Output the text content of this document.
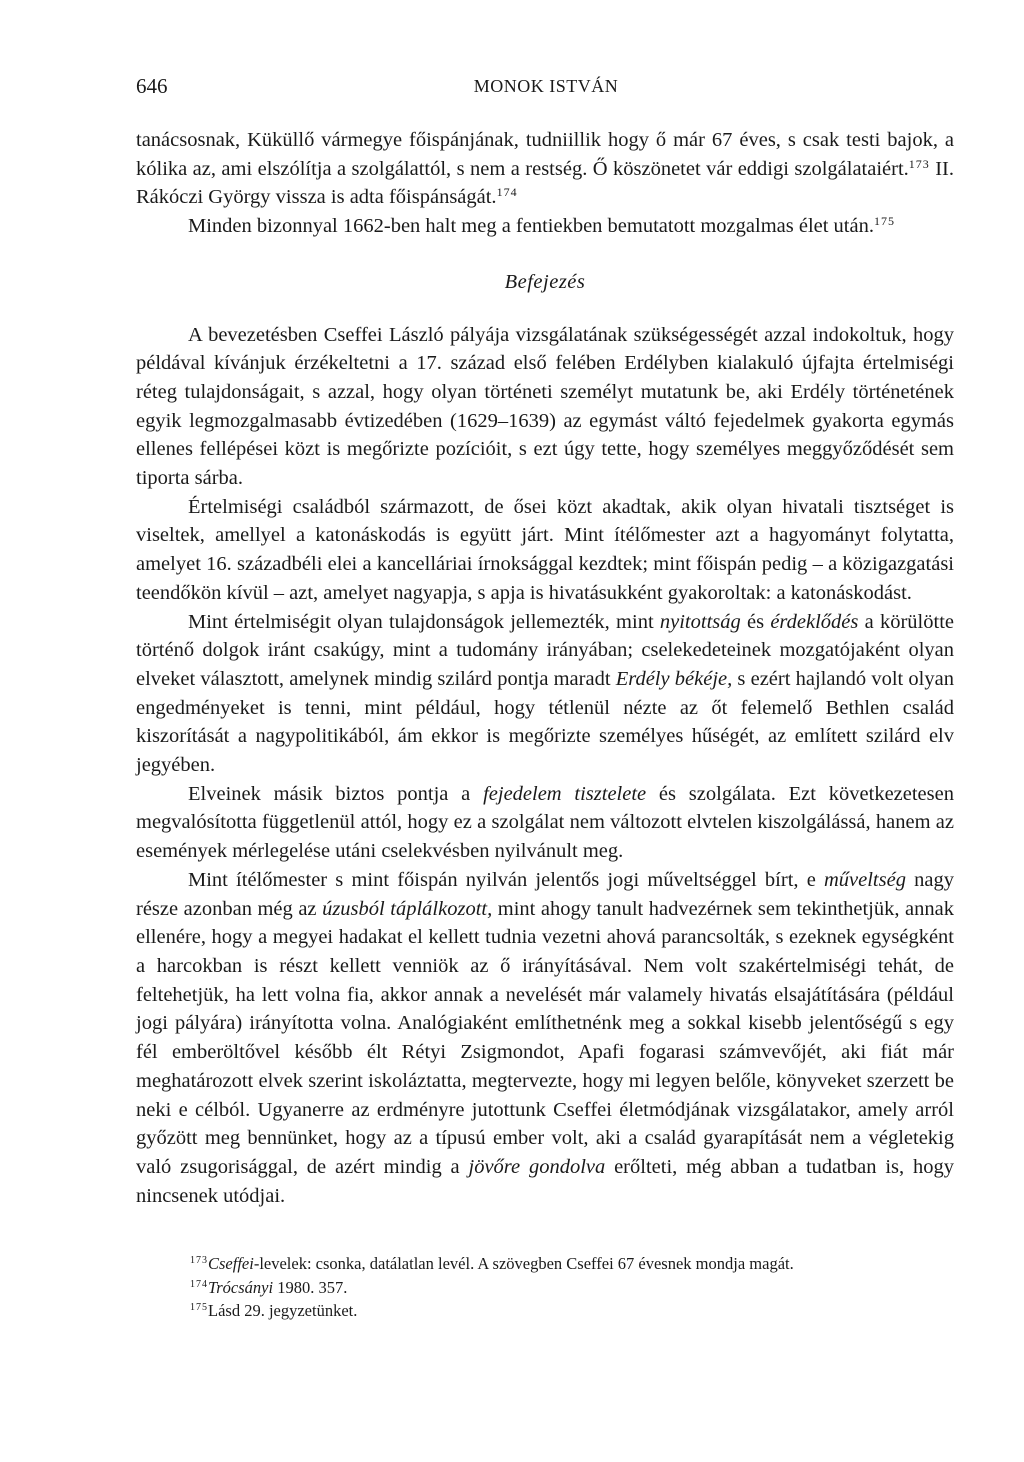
646	MONOK ISTVÁN

tanácsosnak, Küküllő vármegye főispánjának, tudniillik hogy ő már 67 éves, s csak testi bajok, a kólika az, ami elszólítja a szolgálattól, s nem a restség. Ő köszönetet vár eddigi szolgálataiért.$^{173}$ II. Rákóczi György vissza is adta főispánságát.$^{174}$

Minden bizonnyal 1662-ben halt meg a fentiekben bemutatott mozgalmas élet után.$^{175}$

Befejezés

A bevezetésben Cseffei László pályája vizsgálatának szükségességét azzal indokoltuk, hogy példával kívánjuk érzékeltetni a 17. század első felében Erdélyben kialakuló újfajta értelmiségi réteg tulajdonságait, s azzal, hogy olyan történeti személyt mutatunk be, aki Erdély történetének egyik legmozgalmasabb évtizedében (1629–1639) az egymást váltó fejedelmek gyakorta egymás ellenes fellépései közt is megőrizte pozícióit, s ezt úgy tette, hogy személyes meggyőződését sem tiporta sárba.

Értelmiségi családból származott, de ősei közt akadtak, akik olyan hivatali tisztséget is viseltek, amellyel a katonáskodás is együtt járt. Mint ítélőmester azt a hagyományt folytatta, amelyet 16. századbéli elei a kancelláriai írnoksággal kezdtek; mint főispán pedig – a közigazgatási teendőkön kívül – azt, amelyet nagyapja, s apja is hivatásukként gyakoroltak: a katonáskodást.

Mint értelmiségit olyan tulajdonságok jellemezték, mint nyitottság és érdeklődés a körülötte történő dolgok iránt csakúgy, mint a tudomány irányában; cselekedeteinek mozgatójaként olyan elveket választott, amelynek mindig szilárd pontja maradt Erdély békéje, s ezért hajlandó volt olyan engedményeket is tenni, mint például, hogy tétlenül nézte az őt felemelő Bethlen család kiszorítását a nagypolitikából, ám ekkor is megőrizte személyes hűségét, az említett szilárd elv jegyében.

Elveinek másik biztos pontja a fejedelem tisztelete és szolgálata. Ezt következetesen megvalósította függetlenül attól, hogy ez a szolgálat nem változott elvtelen kiszolgálássá, hanem az események mérlegelése utáni cselekvésben nyilvánult meg.

Mint ítélőmester s mint főispán nyilván jelentős jogi műveltséggel bírt, e műveltség nagy része azonban még az úzusból táplálkozott, mint ahogy tanult hadvezérnek sem tekinthetjük, annak ellenére, hogy a megyei hadakat el kellett tudnia vezetni ahová parancsolták, s ezeknek egységként a harcokban is részt kellett venniök az ő irányításával. Nem volt szakértelmiségi tehát, de feltehetjük, ha lett volna fia, akkor annak a nevelését már valamely hivatás elsajátítására (például jogi pályára) irányította volna. Analógiaként említhetnénk meg a sokkal kisebb jelentőségű s egy fél emberöltővel később élt Rétyi Zsigmondot, Apafi fogarasi számvevőjét, aki fiát már meghatározott elvek szerint iskoláztatta, megtervezte, hogy mi legyen belőle, könyveket szerzett be neki e célból. Ugyanerre az erdményre jutottunk Cseffei életmódjának vizsgálatakor, amely arról győzött meg bennünket, hogy az a típusú ember volt, aki a család gyarapítását nem a végletekig való zsugorisággal, de azért mindig a jövőre gondolva erőlteti, még abban a tudatban is, hogy nincsenek utódjai.

$^{173}$Cseffei-levelek: csonka, datálatlan levél. A szövegben Cseffei 67 évesnek mondja magát.

$^{174}$Trócsányi 1980. 357.

$^{175}$Lásd 29. jegyzetünket.
